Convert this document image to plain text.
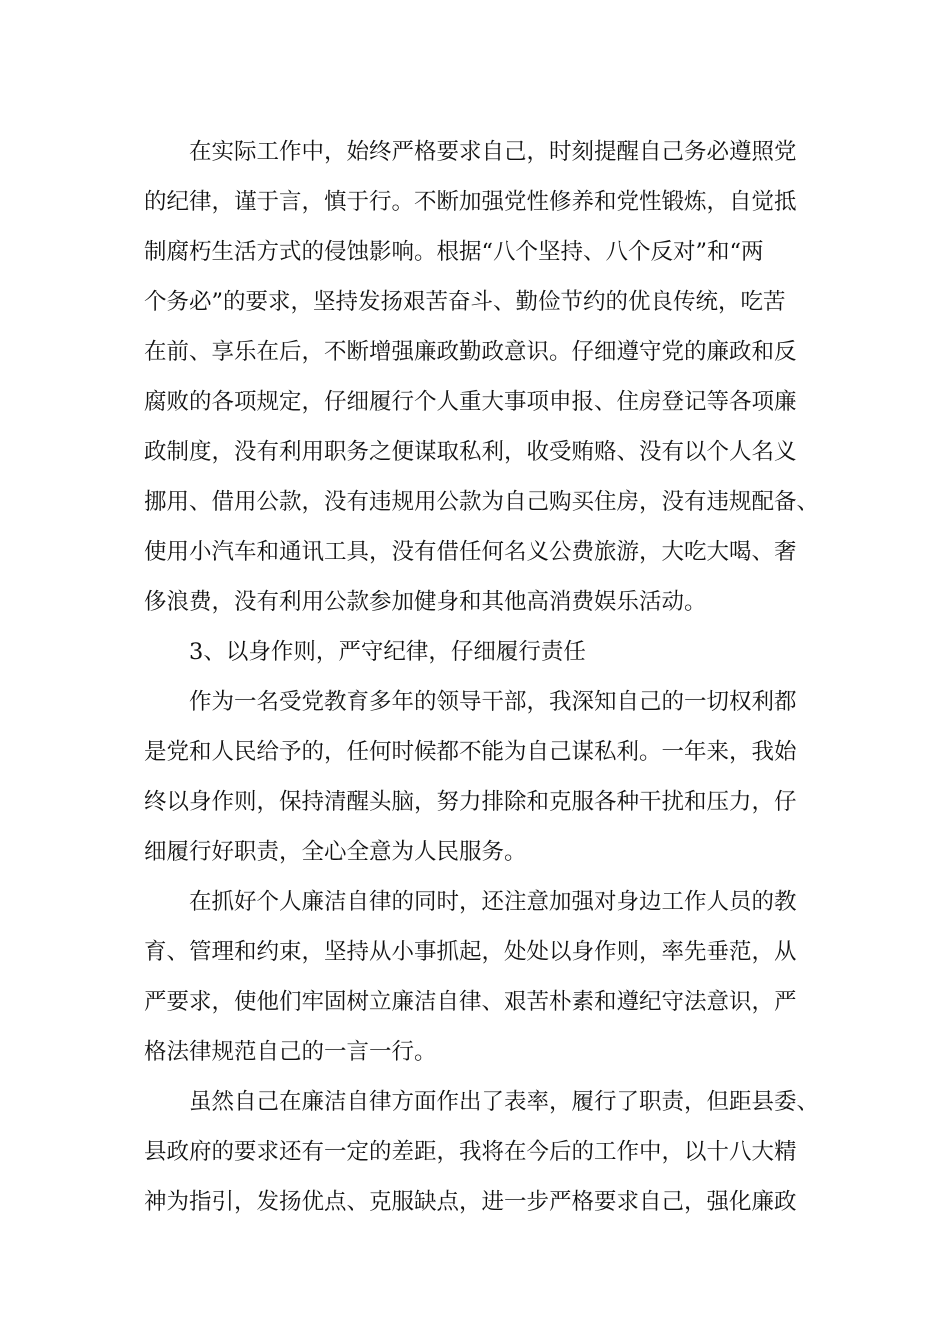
在实际工作中，始终严格要求自己，时刻提醒自己务必遵照党
的纪律，谨于言，慎于行。不断加强党性修养和党性锻炼，自觉抵
制腐朽生活方式的侵蚀影响。根据“八个坚持、八个反对”和“两
个务必”的要求，坚持发扬艰苦奋斗、勤俭节约的优良传统，吃苦
在前、享乐在后，不断增强廉政勤政意识。仔细遵守党的廉政和反
腐败的各项规定，仔细履行个人重大事项申报、住房登记等各项廉
政制度，没有利用职务之便谋取私利，收受贿赂、没有以个人名义
挪用、借用公款，没有违规用公款为自己购买住房，没有违规配备、
使用小汽车和通讯工具，没有借任何名义公费旅游，大吃大喝、奢
侈浪费，没有利用公款参加健身和其他高消费娱乐活动。
3、以身作则，严守纪律，仔细履行责任
作为一名受党教育多年的领导干部，我深知自己的一切权利都
是党和人民给予的，任何时候都不能为自己谋私利。一年来，我始
终以身作则，保持清醒头脑，努力排除和克服各种干扰和压力，仔
细履行好职责，全心全意为人民服务。
在抓好个人廉洁自律的同时，还注意加强对身边工作人员的教
育、管理和约束，坚持从小事抓起，处处以身作则，率先垂范，从
严要求，使他们牢固树立廉洁自律、艰苦朴素和遵纪守法意识，严
格法律规范自己的一言一行。
虽然自己在廉洁自律方面作出了表率，履行了职责，但距县委、
县政府的要求还有一定的差距，我将在今后的工作中，以十八大精
神为指引，发扬优点、克服缺点，进一步严格要求自己，强化廉政
